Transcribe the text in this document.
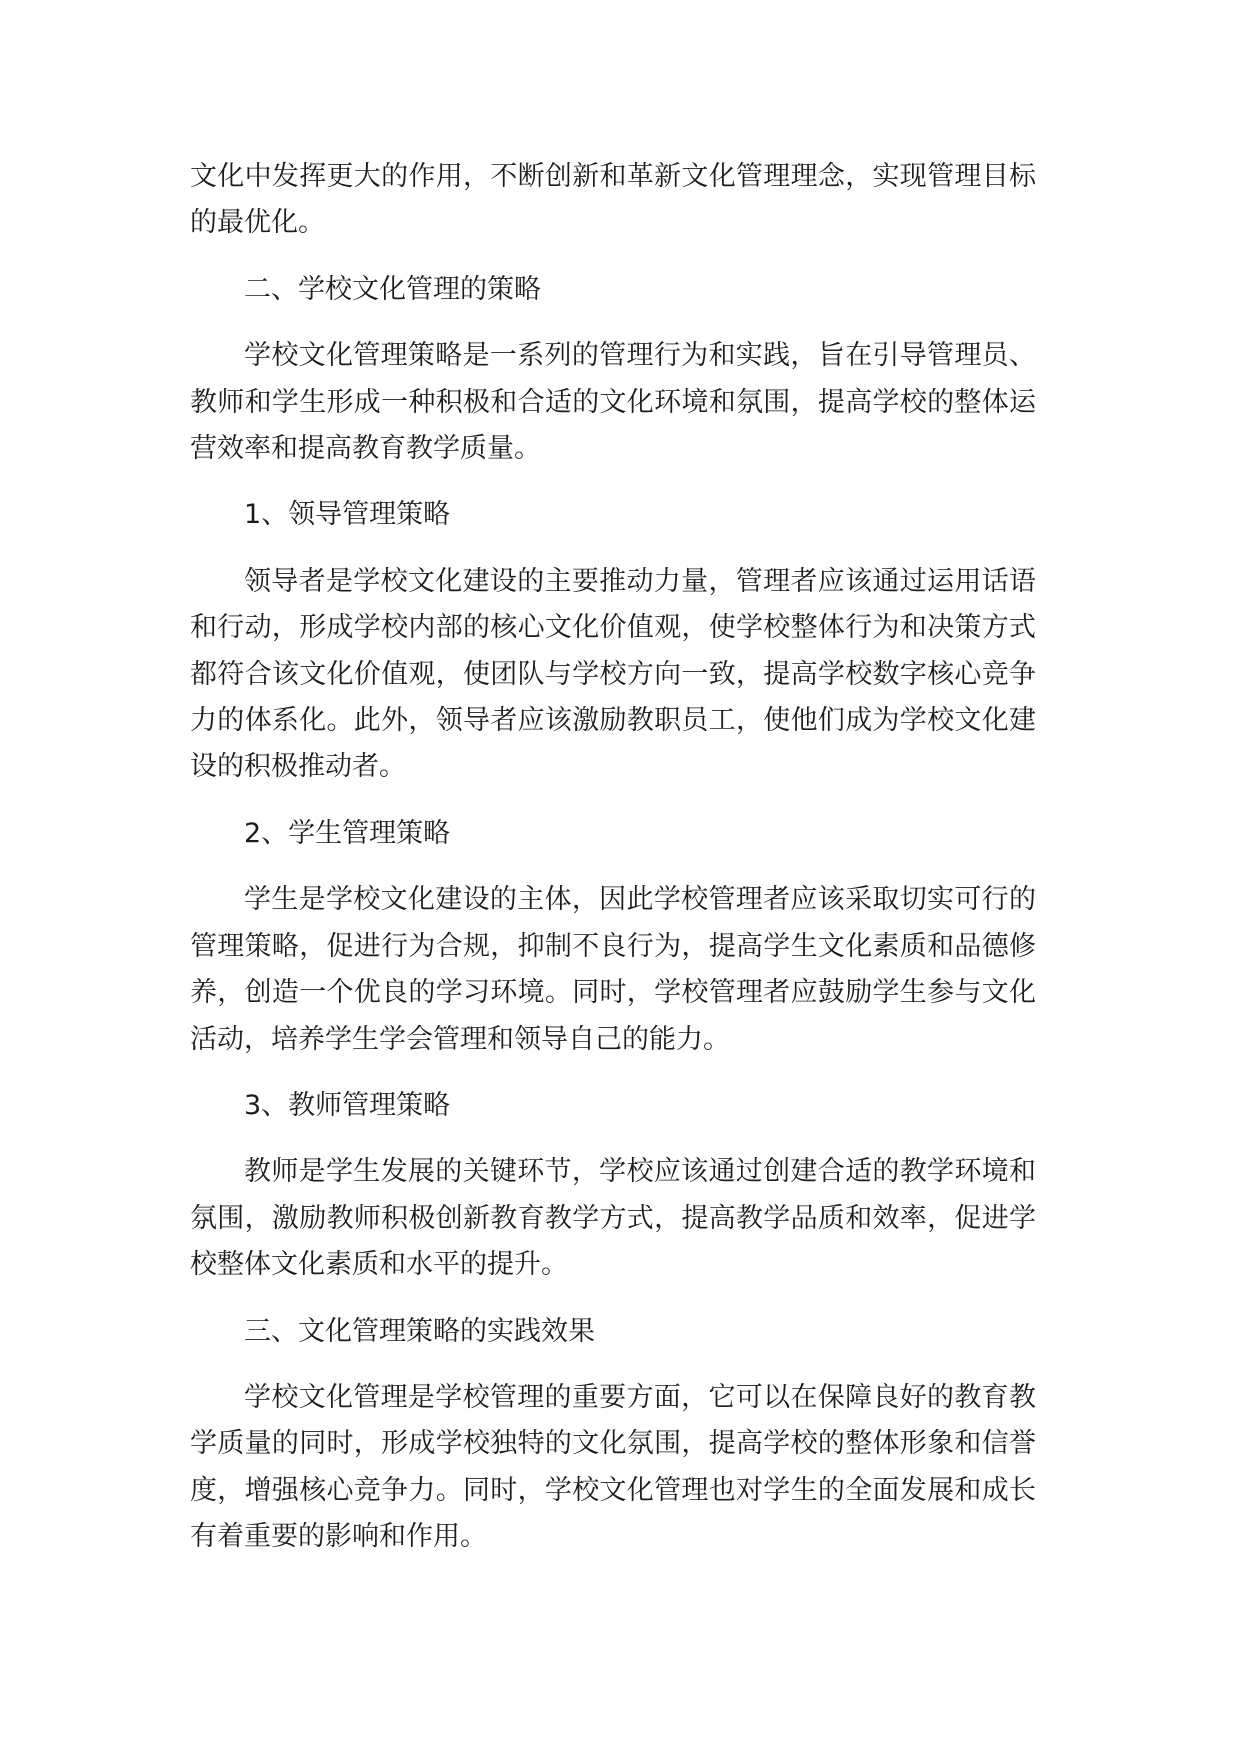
文化中发挥更大的作用，不断创新和革新文化管理理念，实现管理目标
的最优化。
二、学校文化管理的策略
学校文化管理策略是一系列的管理行为和实践，旨在引导管理员、
教师和学生形成一种积极和合适的文化环境和氛围，提高学校的整体运
营效率和提高教育教学质量。
1、领导管理策略
领导者是学校文化建设的主要推动力量，管理者应该通过运用话语
和行动，形成学校内部的核心文化价值观，使学校整体行为和决策方式
都符合该文化价值观，使团队与学校方向一致，提高学校数字核心竞争
力的体系化。此外，领导者应该激励教职员工，使他们成为学校文化建
设的积极推动者。
2、学生管理策略
学生是学校文化建设的主体，因此学校管理者应该采取切实可行的
管理策略，促进行为合规，抑制不良行为，提高学生文化素质和品德修
养，创造一个优良的学习环境。同时，学校管理者应鼓励学生参与文化
活动，培养学生学会管理和领导自己的能力。
3、教师管理策略
教师是学生发展的关键环节，学校应该通过创建合适的教学环境和
氛围，激励教师积极创新教育教学方式，提高教学品质和效率，促进学
校整体文化素质和水平的提升。
三、文化管理策略的实践效果
学校文化管理是学校管理的重要方面，它可以在保障良好的教育教
学质量的同时，形成学校独特的文化氛围，提高学校的整体形象和信誉
度，增强核心竞争力。同时，学校文化管理也对学生的全面发展和成长
有着重要的影响和作用。
